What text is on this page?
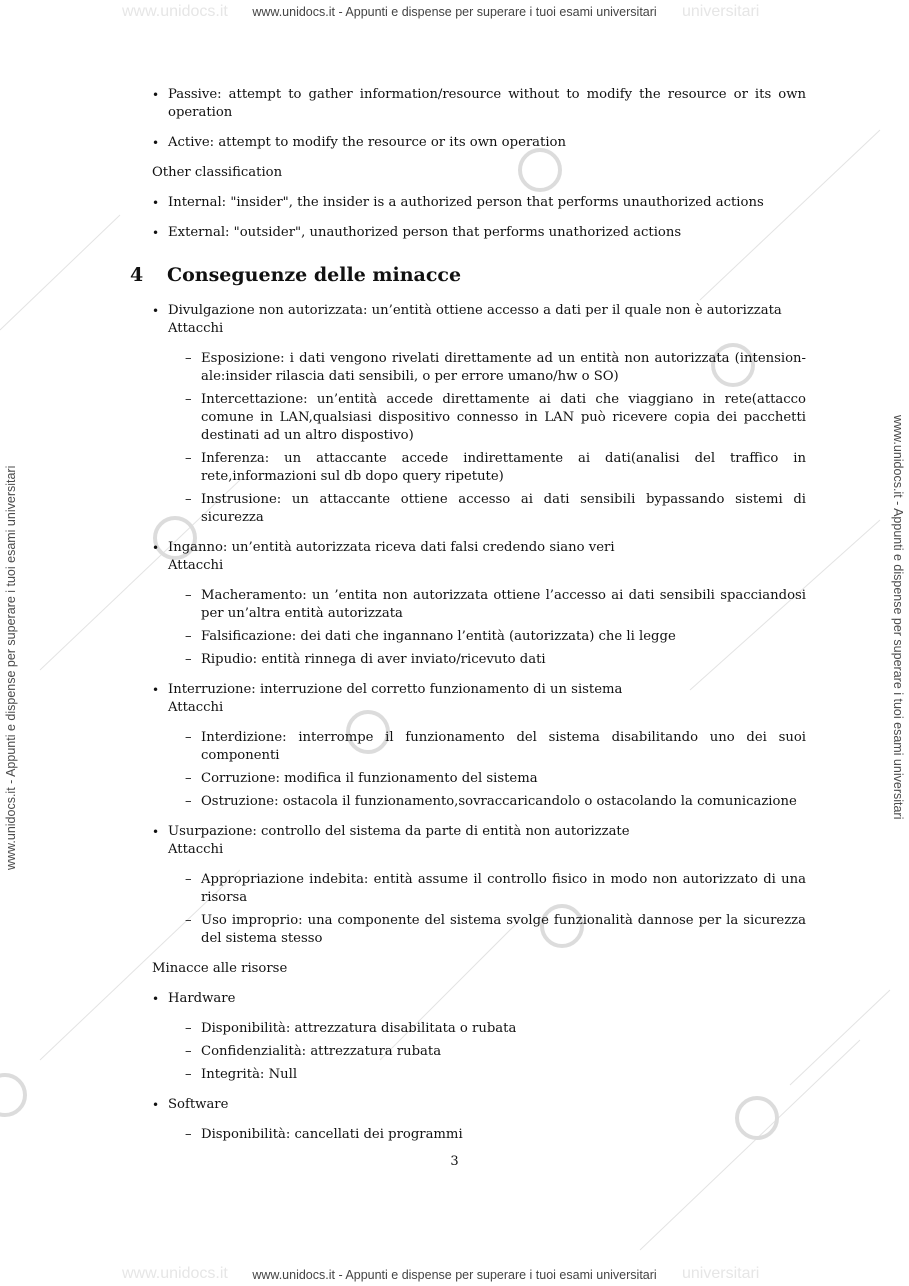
www.unidocs.it	universitari
www.unidocs.it	universitari
www.unidocs.it - Appunti e dispense per superare i tuoi esami universitari
www.unidocs.it - Appunti e dispense per superare i tuoi esami universitari	www.unidocs.it - Appunti e dispense per superare i tuoi esami universitari
• Passive: attempt to gather information/resource without to modify the resource or its own operation
• Active: attempt to modify the resource or its own operation

Other classification

• Internal: "insider", the insider is a authorized person that performs unauthorized actions
• External: "outsider", unauthorized person that performs unathorized actions
4	Conseguenze delle minacce
• Divulgazione non autorizzata: un’entità ottiene accesso a dati per il quale non è autorizzata
Attacchi
– Esposizione: i dati vengono rivelati direttamente ad un entità non autorizzata (intension-ale:insider rilascia dati sensibili, o per errore umano/hw o SO)
– Intercettazione: un’entità accede direttamente ai dati che viaggiano in rete(attacco comune in LAN,qualsiasi dispositivo connesso in LAN può ricevere copia dei pacchetti destinati ad un altro dispostivo)
– Inferenza: un attaccante accede indirettamente ai dati(analisi del traffico in rete,informazioni sul db dopo query ripetute)
– Instrusione: un attaccante ottiene accesso ai dati sensibili bypassando sistemi di sicurezza
• Inganno: un’entità autorizzata riceva dati falsi credendo siano veri
Attacchi
– Macheramento: un ’entita non autorizzata ottiene l’accesso ai dati sensibili spacciandosi per un’altra entità autorizzata
– Falsificazione: dei dati che ingannano l’entità (autorizzata) che li legge
– Ripudio: entità rinnega di aver inviato/ricevuto dati
• Interruzione: interruzione del corretto funzionamento di un sistema
Attacchi
– Interdizione: interrompe il funzionamento del sistema disabilitando uno dei suoi componenti
– Corruzione: modifica il funzionamento del sistema
– Ostruzione: ostacola il funzionamento,sovraccaricandolo o ostacolando la comunicazione
• Usurpazione: controllo del sistema da parte di entità non autorizzate
Attacchi
– Appropriazione indebita: entità assume il controllo fisico in modo non autorizzato di una risorsa
– Uso improprio: una componente del sistema svolge funzionalità dannose per la sicurezza del sistema stesso

Minacce alle risorse

• Hardware
– Disponibilità: attrezzatura disabilitata o rubata
– Confidenzialità: attrezzatura rubata
– Integrità: Null
• Software
– Disponibilità: cancellati dei programmi
3
www.unidocs.it - Appunti e dispense per superare i tuoi esami universitari
